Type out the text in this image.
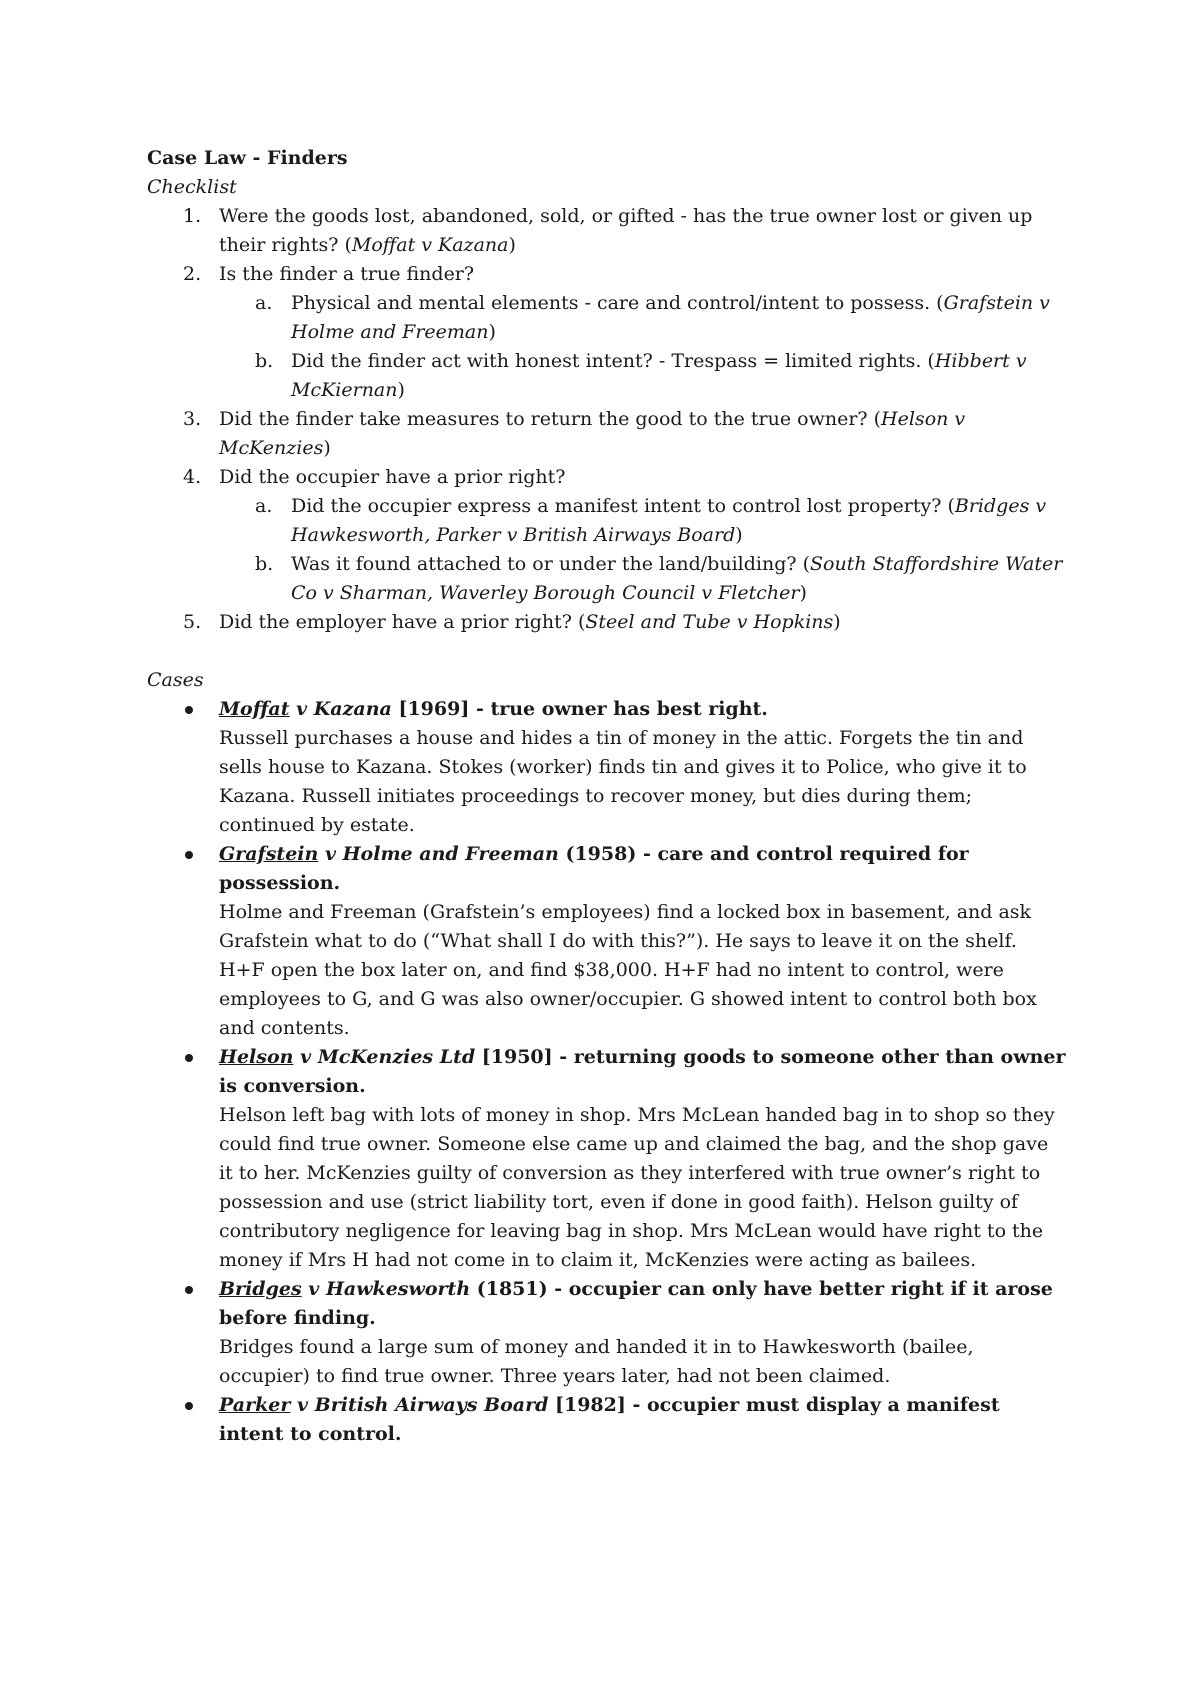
Case Law - Finders
Checklist
1. Were the goods lost, abandoned, sold, or gifted - has the true owner lost or given up their rights? (Moffat v Kazana)
2. Is the finder a true finder?
a. Physical and mental elements - care and control/intent to possess. (Grafstein v Holme and Freeman)
b. Did the finder act with honest intent? - Trespass = limited rights. (Hibbert v McKiernan)
3. Did the finder take measures to return the good to the true owner? (Helson v McKenzies)
4. Did the occupier have a prior right?
a. Did the occupier express a manifest intent to control lost property? (Bridges v Hawkesworth, Parker v British Airways Board)
b. Was it found attached to or under the land/building? (South Staffordshire Water Co v Sharman, Waverley Borough Council v Fletcher)
5. Did the employer have a prior right? (Steel and Tube v Hopkins)
Cases
Moffat v Kazana [1969] - true owner has best right.
Russell purchases a house and hides a tin of money in the attic. Forgets the tin and sells house to Kazana. Stokes (worker) finds tin and gives it to Police, who give it to Kazana. Russell initiates proceedings to recover money, but dies during them; continued by estate.
Grafstein v Holme and Freeman (1958) - care and control required for possession.
Holme and Freeman (Grafstein’s employees) find a locked box in basement, and ask Grafstein what to do (“What shall I do with this?”). He says to leave it on the shelf. H+F open the box later on, and find $38,000. H+F had no intent to control, were employees to G, and G was also owner/occupier. G showed intent to control both box and contents.
Helson v McKenzies Ltd [1950] - returning goods to someone other than owner is conversion.
Helson left bag with lots of money in shop. Mrs McLean handed bag in to shop so they could find true owner. Someone else came up and claimed the bag, and the shop gave it to her. McKenzies guilty of conversion as they interfered with true owner’s right to possession and use (strict liability tort, even if done in good faith). Helson guilty of contributory negligence for leaving bag in shop. Mrs McLean would have right to the money if Mrs H had not come in to claim it, McKenzies were acting as bailees.
Bridges v Hawkesworth (1851) - occupier can only have better right if it arose before finding.
Bridges found a large sum of money and handed it in to Hawkesworth (bailee, occupier) to find true owner. Three years later, had not been claimed.
Parker v British Airways Board [1982] - occupier must display a manifest intent to control.
